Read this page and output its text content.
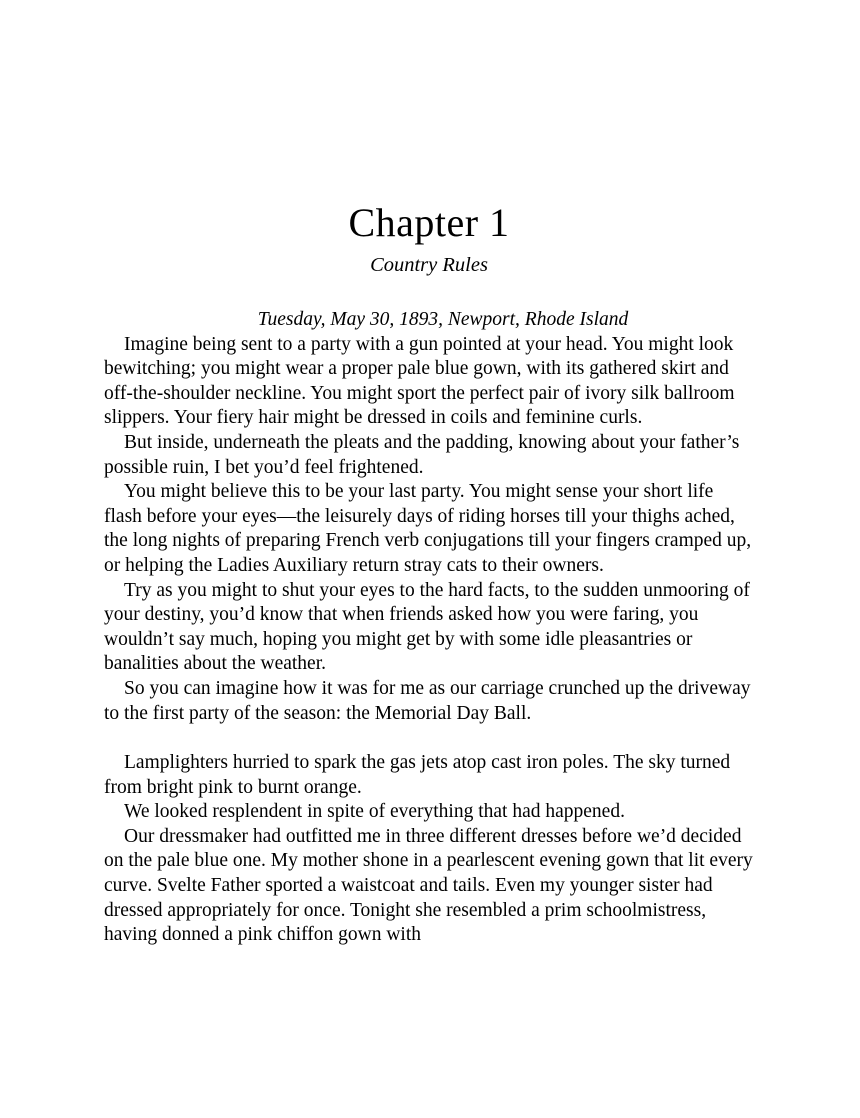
Chapter 1
Country Rules

Tuesday, May 30, 1893, Newport, Rhode Island

Imagine being sent to a party with a gun pointed at your head. You might look bewitching; you might wear a proper pale blue gown, with its gathered skirt and off-the-shoulder neckline. You might sport the perfect pair of ivory silk ballroom slippers. Your fiery hair might be dressed in coils and feminine curls.

But inside, underneath the pleats and the padding, knowing about your father’s possible ruin, I bet you’d feel frightened.

You might believe this to be your last party. You might sense your short life flash before your eyes—the leisurely days of riding horses till your thighs ached, the long nights of preparing French verb conjugations till your fingers cramped up, or helping the Ladies Auxiliary return stray cats to their owners.

Try as you might to shut your eyes to the hard facts, to the sudden unmooring of your destiny, you’d know that when friends asked how you were faring, you wouldn’t say much, hoping you might get by with some idle pleasantries or banalities about the weather.

So you can imagine how it was for me as our carriage crunched up the driveway to the first party of the season: the Memorial Day Ball.

Lamplighters hurried to spark the gas jets atop cast iron poles. The sky turned from bright pink to burnt orange.

We looked resplendent in spite of everything that had happened.

Our dressmaker had outfitted me in three different dresses before we’d decided on the pale blue one. My mother shone in a pearlescent evening gown that lit every curve. Svelte Father sported a waistcoat and tails. Even my younger sister had dressed appropriately for once. Tonight she resembled a prim schoolmistress, having donned a pink chiffon gown with
